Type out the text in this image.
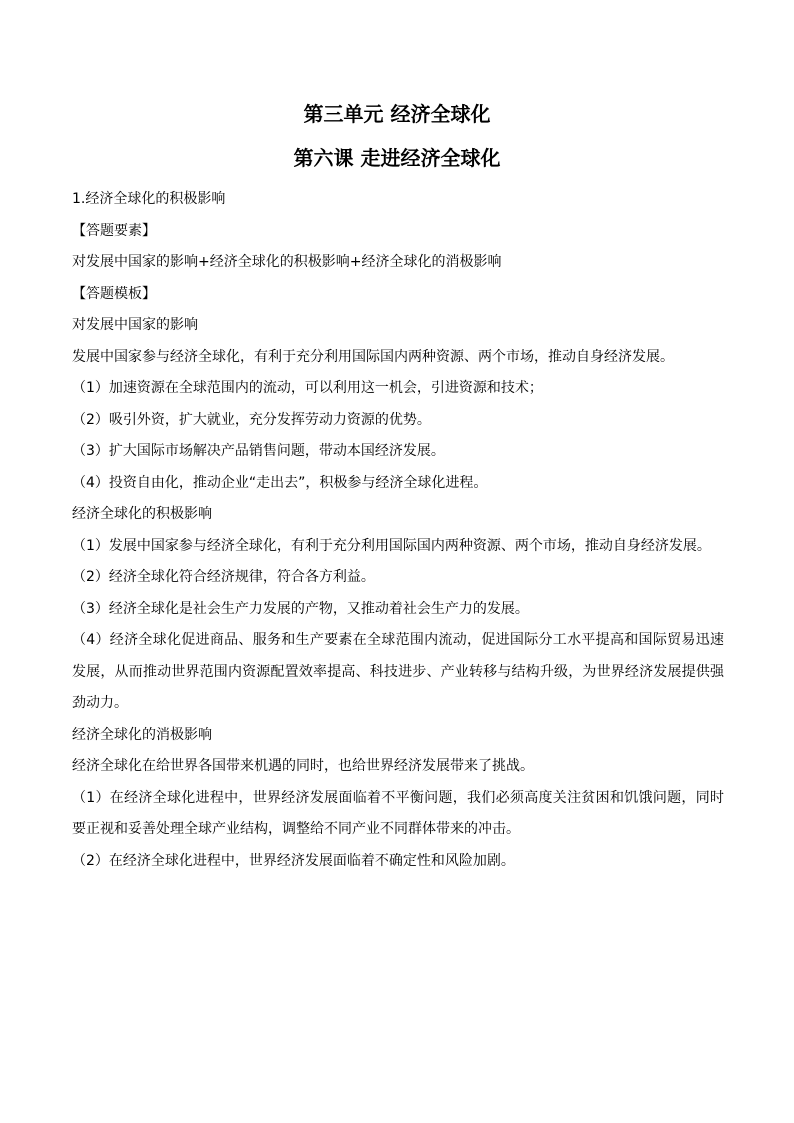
第三单元 经济全球化
第六课 走进经济全球化
1.经济全球化的积极影响
【答题要素】
对发展中国家的影响+经济全球化的积极影响+经济全球化的消极影响
【答题模板】
对发展中国家的影响
发展中国家参与经济全球化，有利于充分利用国际国内两种资源、两个市场，推动自身经济发展。
（1）加速资源在全球范围内的流动，可以利用这一机会，引进资源和技术；
（2）吸引外资，扩大就业，充分发挥劳动力资源的优势。
（3）扩大国际市场解决产品销售问题，带动本国经济发展。
（4）投资自由化，推动企业“走出去”，积极参与经济全球化进程。
经济全球化的积极影响
（1）发展中国家参与经济全球化，有利于充分利用国际国内两种资源、两个市场，推动自身经济发展。
（2）经济全球化符合经济规律，符合各方利益。
（3）经济全球化是社会生产力发展的产物，又推动着社会生产力的发展。
（4）经济全球化促进商品、服务和生产要素在全球范围内流动，促进国际分工水平提高和国际贸易迅速发展，从而推动世界范围内资源配置效率提高、科技进步、产业转移与结构升级，为世界经济发展提供强劲动力。
经济全球化的消极影响
经济全球化在给世界各国带来机遇的同时，也给世界经济发展带来了挑战。
（1）在经济全球化进程中，世界经济发展面临着不平衡问题，我们必须高度关注贫困和饥饿问题，同时要正视和妥善处理全球产业结构，调整给不同产业不同群体带来的冲击。
（2）在经济全球化进程中，世界经济发展面临着不确定性和风险加剧。
